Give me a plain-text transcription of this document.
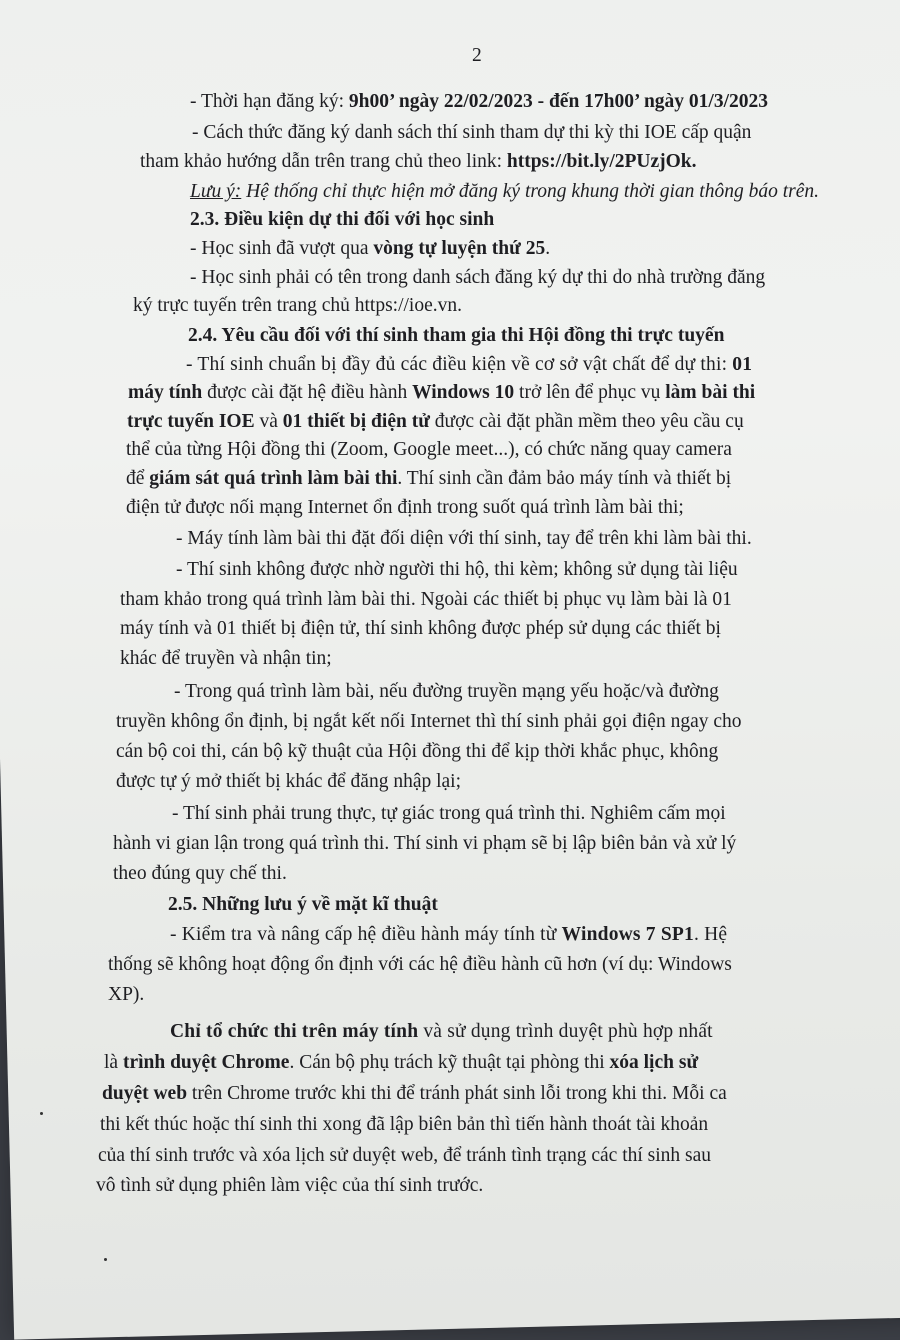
2
- Thời hạn đăng ký: 9h00’ ngày 22/02/2023 - đến 17h00’ ngày 01/3/2023
- Cách thức đăng ký danh sách thí sinh tham dự thi kỳ thi IOE cấp quận
tham khảo hướng dẫn trên trang chủ theo link: https://bit.ly/2PUzjOk.
Lưu ý: Hệ thống chỉ thực hiện mở đăng ký trong khung thời gian thông báo trên.
2.3. Điều kiện dự thi đối với học sinh
- Học sinh đã vượt qua vòng tự luyện thứ 25.
- Học sinh phải có tên trong danh sách đăng ký dự thi do nhà trường đăng
ký trực tuyến trên trang chủ https://ioe.vn.
2.4. Yêu cầu đối với thí sinh tham gia thi Hội đồng thi trực tuyến
- Thí sinh chuẩn bị đầy đủ các điều kiện về cơ sở vật chất để dự thi: 01
máy tính được cài đặt hệ điều hành Windows 10 trở lên để phục vụ làm bài thi
trực tuyến IOE và 01 thiết bị điện tử được cài đặt phần mềm theo yêu cầu cụ
thể của từng Hội đồng thi (Zoom, Google meet...), có chức năng quay camera
để giám sát quá trình làm bài thi. Thí sinh cần đảm bảo máy tính và thiết bị
điện tử được nối mạng Internet ổn định trong suốt quá trình làm bài thi;
- Máy tính làm bài thi đặt đối diện với thí sinh, tay để trên khi làm bài thi.
- Thí sinh không được nhờ người thi hộ, thi kèm; không sử dụng tài liệu
tham khảo trong quá trình làm bài thi. Ngoài các thiết bị phục vụ làm bài là 01
máy tính và 01 thiết bị điện tử, thí sinh không được phép sử dụng các thiết bị
khác để truyền và nhận tin;
- Trong quá trình làm bài, nếu đường truyền mạng yếu hoặc/và đường
truyền không ổn định, bị ngắt kết nối Internet thì thí sinh phải gọi điện ngay cho
cán bộ coi thi, cán bộ kỹ thuật của Hội đồng thi để kịp thời khắc phục, không
được tự ý mở thiết bị khác để đăng nhập lại;
- Thí sinh phải trung thực, tự giác trong quá trình thi. Nghiêm cấm mọi
hành vi gian lận trong quá trình thi. Thí sinh vi phạm sẽ bị lập biên bản và xử lý
theo đúng quy chế thi.
2.5. Những lưu ý về mặt kĩ thuật
- Kiểm tra và nâng cấp hệ điều hành máy tính từ Windows 7 SP1. Hệ
thống sẽ không hoạt động ổn định với các hệ điều hành cũ hơn (ví dụ: Windows
XP).
Chỉ tổ chức thi trên máy tính và sử dụng trình duyệt phù hợp nhất
là trình duyệt Chrome. Cán bộ phụ trách kỹ thuật tại phòng thi xóa lịch sử
duyệt web trên Chrome trước khi thi để tránh phát sinh lỗi trong khi thi. Mỗi ca
thi kết thúc hoặc thí sinh thi xong đã lập biên bản thì tiến hành thoát tài khoản
của thí sinh trước và xóa lịch sử duyệt web, để tránh tình trạng các thí sinh sau
vô tình sử dụng phiên làm việc của thí sinh trước.
